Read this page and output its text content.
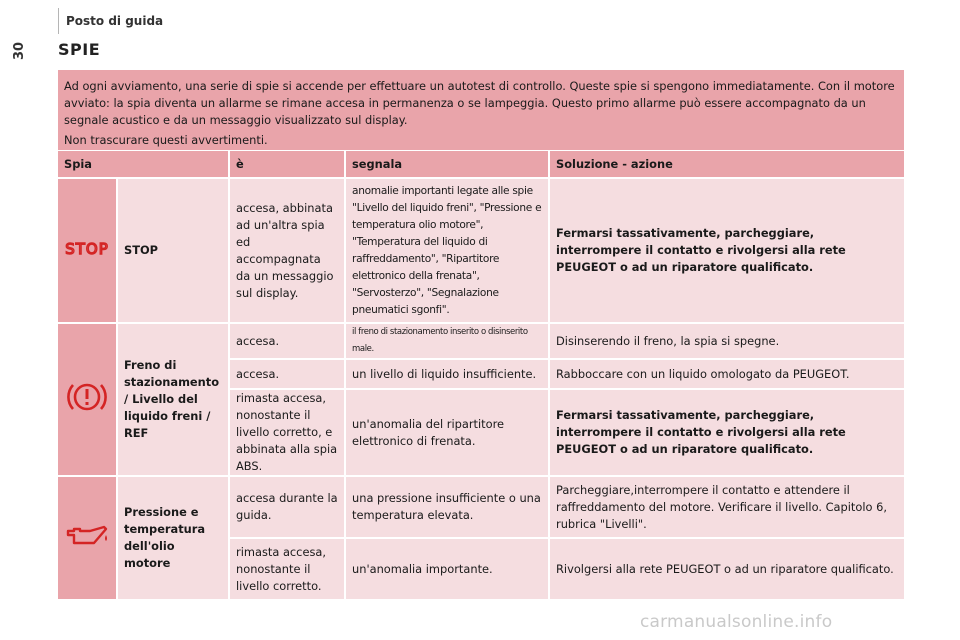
Posto di guida
30 SPIE

Ad ogni avviamento, una serie di spie si accende per effettuare un autotest di controllo. Queste spie si spengono immediatamente. Con il motore avviato: la spia diventa un allarme se rimane accesa in permanenza o se lampeggia. Questo primo allarme può essere accompagnato da un segnale acustico e da un messaggio visualizzato sul display.

Non trascurare questi avvertimenti.

Spia		è	segnala	Soluzione - azione

STOP	STOP	accesa, abbinata ad un'altra spia ed accompagnata da un messaggio sul display.	anomalie importanti legate alle spie "Livello del liquido freni", "Pressione e temperatura olio motore", "Temperatura del liquido di raffreddamento", "Ripartitore elettronico della frenata", "Servosterzo", "Segnalazione pneumatici sgonfi".	Fermarsi tassativamente, parcheggiare, interrompere il contatto e rivolgersi alla rete PEUGEOT o ad un riparatore qualificato.
	Freno di stazionamento / Livello del liquido freni / REF	accesa.	il freno di stazionamento inserito o disinserito male.	Disinserendo il freno, la spia si spegne.
		accesa.	un livello di liquido insufficiente.	Rabboccare con un liquido omologato da PEUGEOT.
		rimasta accesa, nonostante il livello corretto, e abbinata alla spia ABS.	un'anomalia del ripartitore elettronico di frenata.	Fermarsi tassativamente, parcheggiare, interrompere il contatto e rivolgersi alla rete PEUGEOT o ad un riparatore qualificato.
	Pressione e temperatura dell'olio motore	accesa durante la guida.	una pressione insufficiente o una temperatura elevata.	Parcheggiare,interrompere il contatto e attendere il raffreddamento del motore. Verificare il livello. Capitolo 6, rubrica "Livelli".
		rimasta accesa, nonostante il livello corretto.	un'anomalia importante.	Rivolgersi alla rete PEUGEOT o ad un riparatore qualificato.
carmanualsonline.info
